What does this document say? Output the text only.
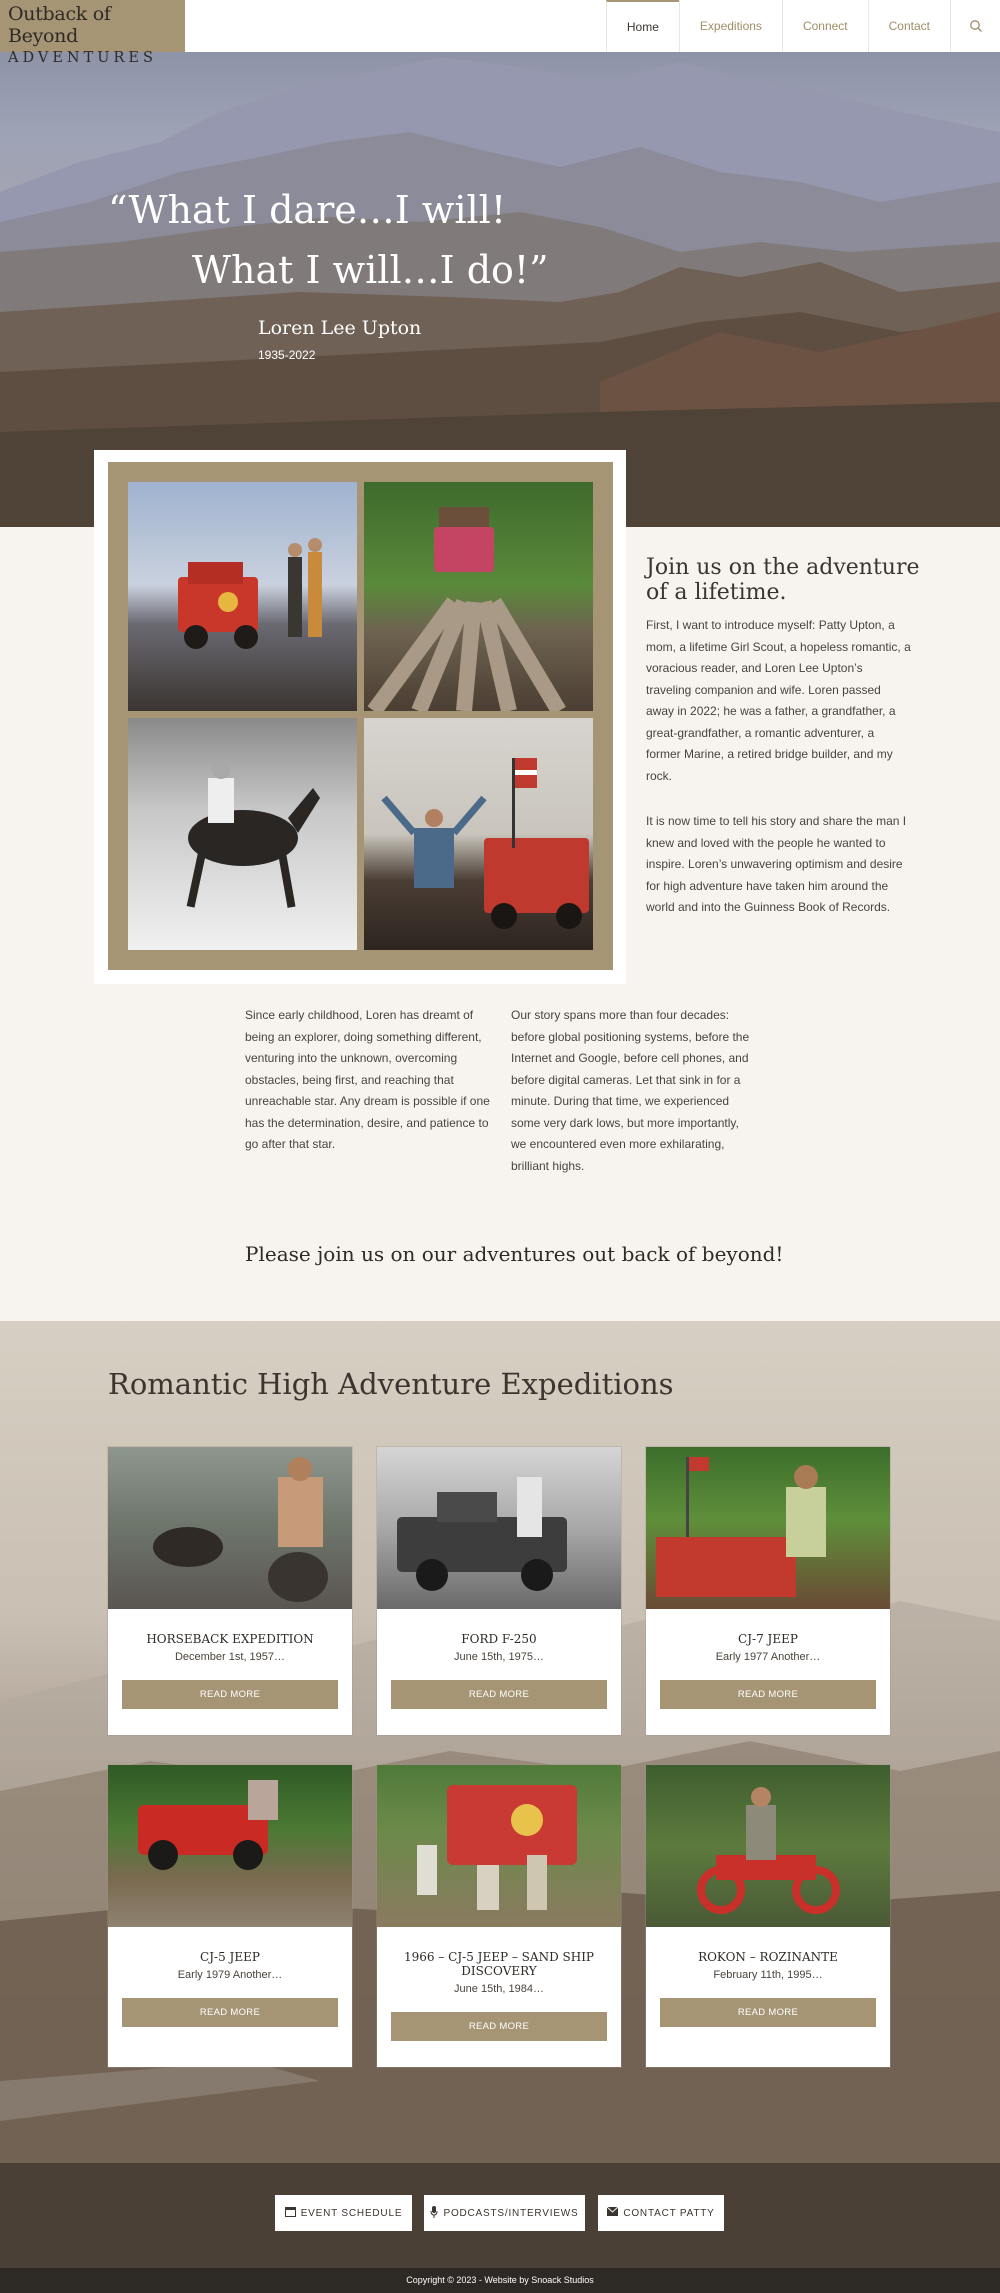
Outback of Beyond
ADVENTURES
Home	Expeditions	Connect	Contact
“What I dare…I will!
What I will…I do!”
Loren Lee Upton
1935-2022
Join us on the adventure of a lifetime.
First, I want to introduce myself: Patty Upton, a mom, a lifetime Girl Scout, a hopeless romantic, a voracious reader, and Loren Lee Upton’s traveling companion and wife. Loren passed away in 2022; he was a father, a grandfather, a great-grandfather, a romantic adventurer, a former Marine, a retired bridge builder, and my rock.
It is now time to tell his story and share the man I knew and loved with the people he wanted to inspire. Loren’s unwavering optimism and desire for high adventure have taken him around the world and into the Guinness Book of Records.
Since early childhood, Loren has dreamt of being an explorer, doing something different, venturing into the unknown, overcoming obstacles, being first, and reaching that unreachable star. Any dream is possible if one has the determination, desire, and patience to go after that star.
Our story spans more than four decades: before global positioning systems, before the Internet and Google, before cell phones, and before digital cameras. Let that sink in for a minute. During that time, we experienced some very dark lows, but more importantly, we encountered even more exhilarating, brilliant highs.
Please join us on our adventures out back of beyond!
Romantic High Adventure Expeditions
HORSEBACK EXPEDITION
December 1st, 1957…
READ MORE
FORD F-250
June 15th, 1975…
READ MORE
CJ-7 JEEP
Early 1977 Another…
READ MORE
CJ-5 JEEP
Early 1979 Another…
READ MORE
1966 – CJ-5 JEEP – SAND SHIP DISCOVERY
June 15th, 1984…
READ MORE
ROKON – ROZINANTE
February 11th, 1995…
READ MORE
EVENT SCHEDULE	PODCASTS/INTERVIEWS	CONTACT PATTY
Copyright © 2023 - Website by Snoack Studios
